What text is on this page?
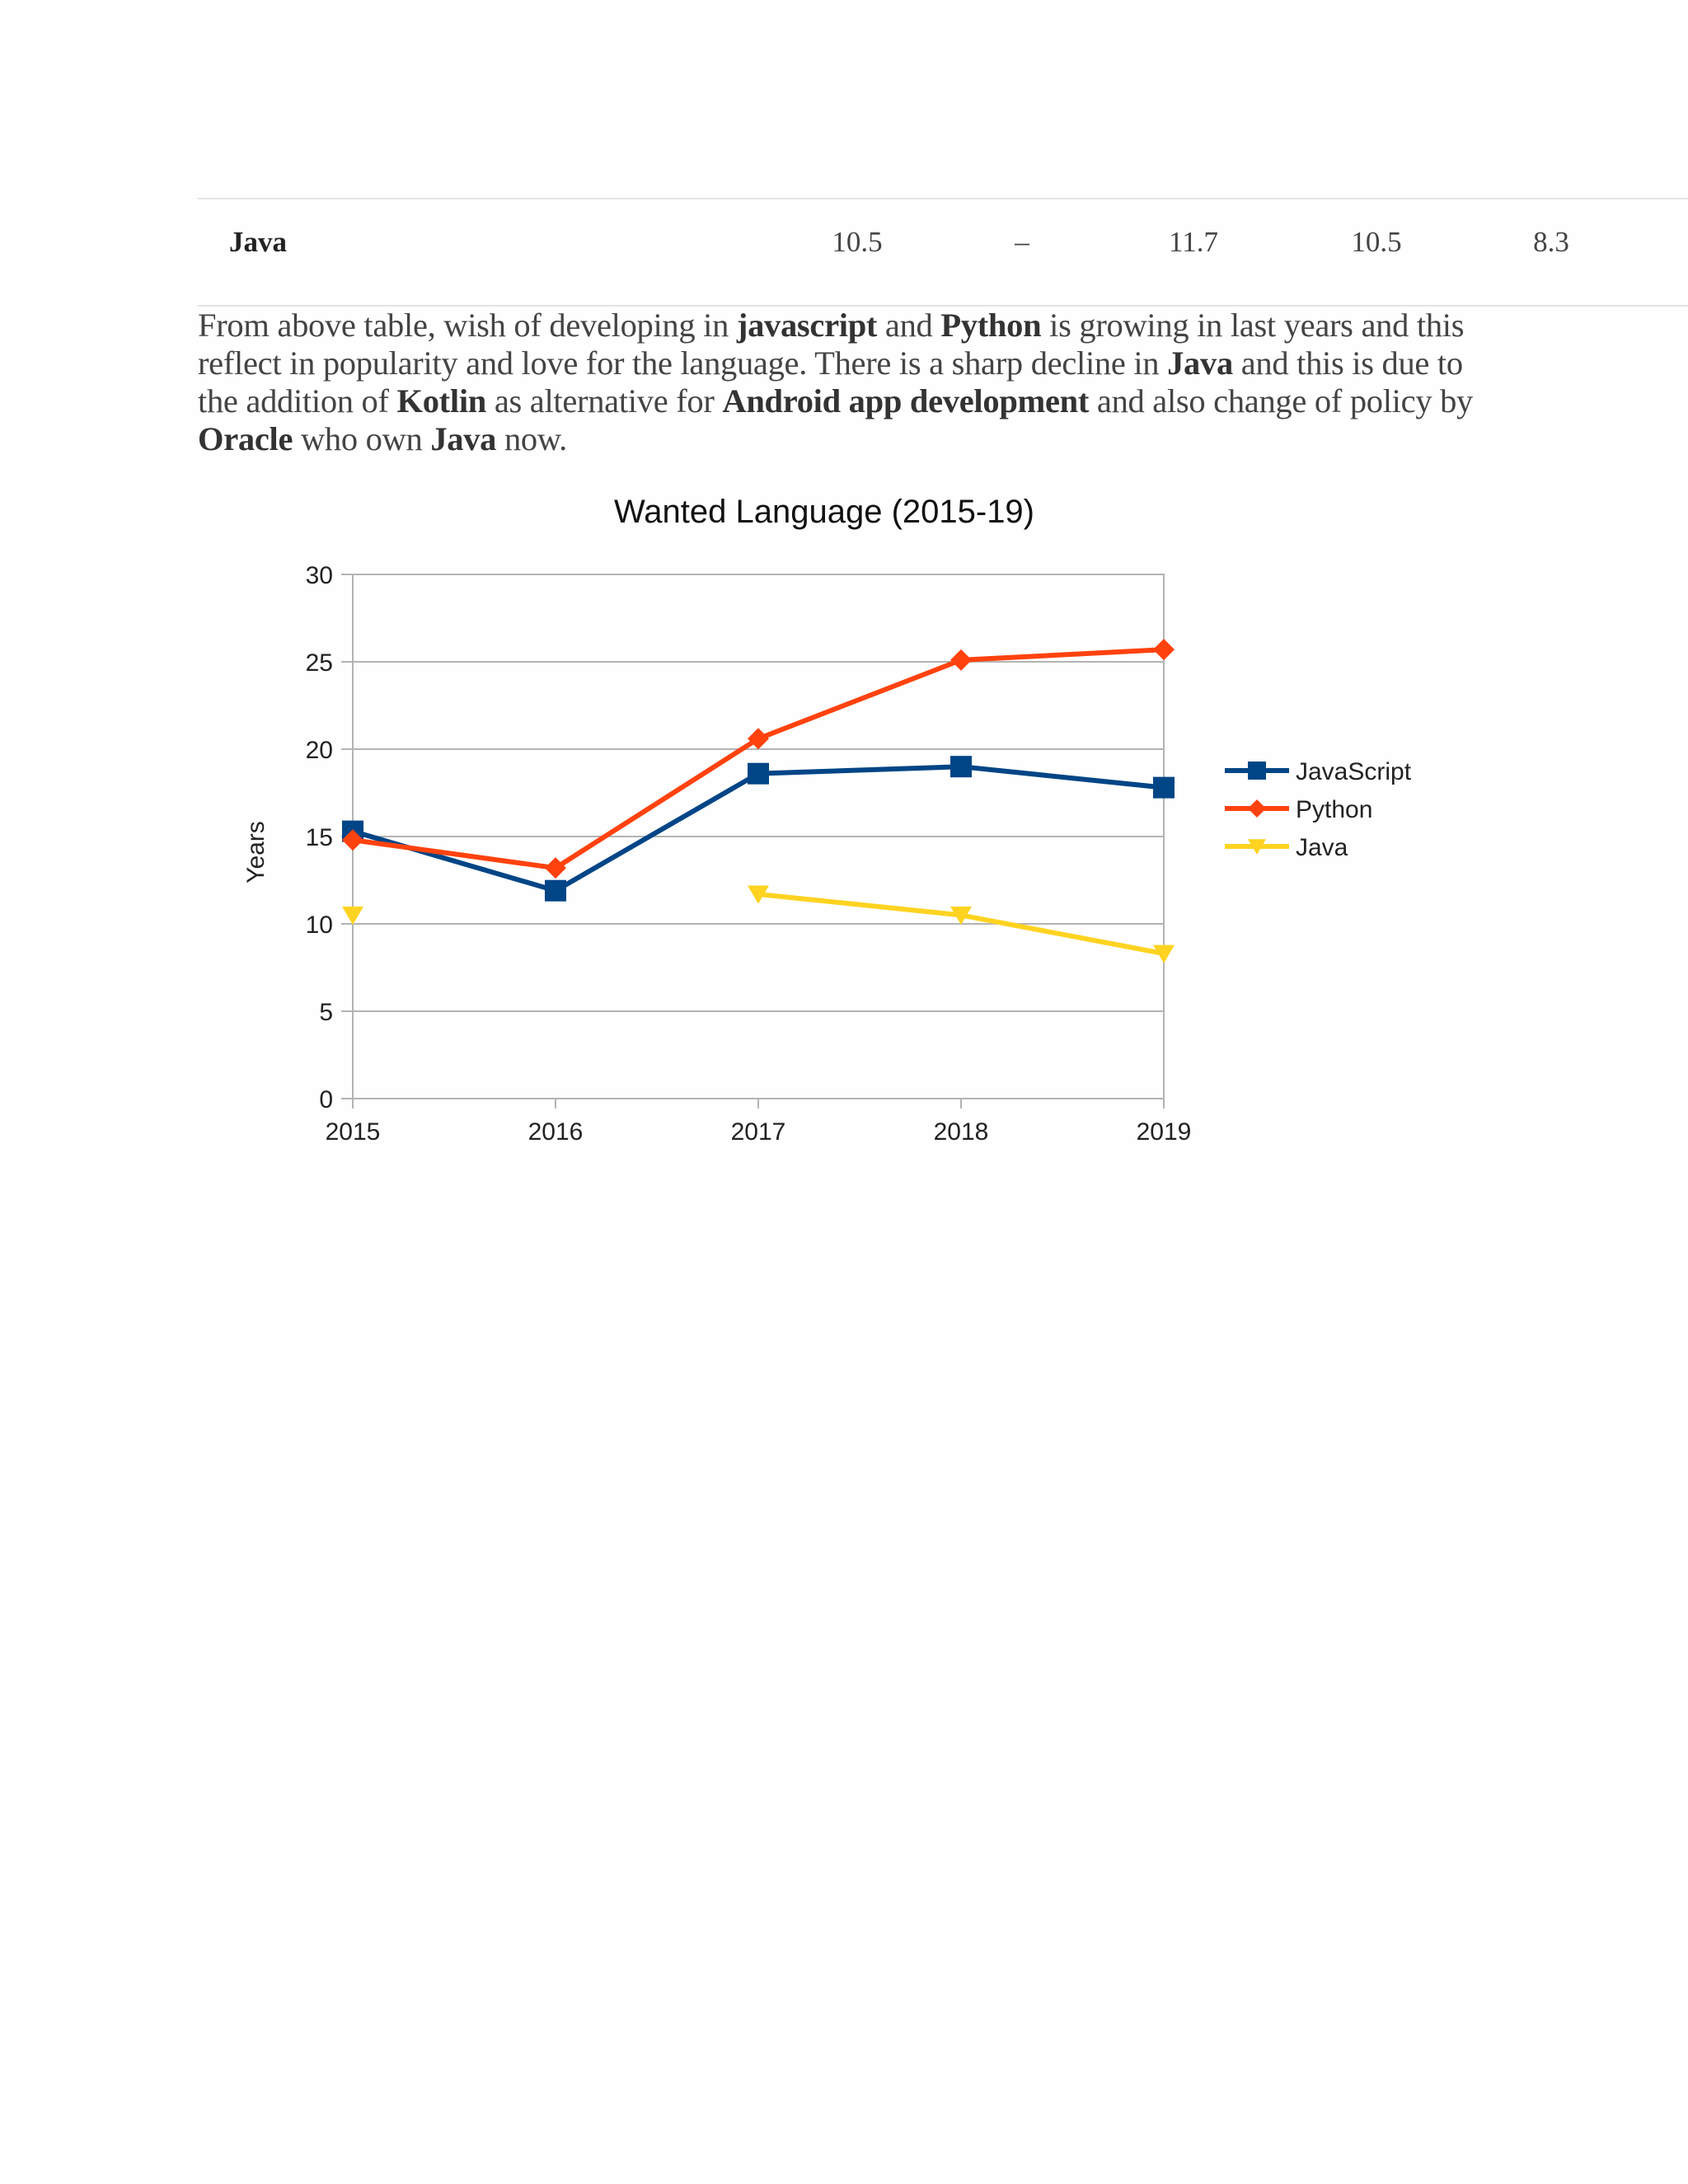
Java	10.5	–	11.7	10.5	8.3
From above table, wish of developing in javascript and Python is growing in last years and this reflect in popularity and love for the language. There is a sharp decline in Java and this is due to the addition of Kotlin as alternative for Android app development and also change of policy by Oracle who own Java now.
Wanted Language (2015-19)
Years
0
5
10
15
20
25
30
2015	2016	2017	2018	2019
JavaScript
Python
Java
